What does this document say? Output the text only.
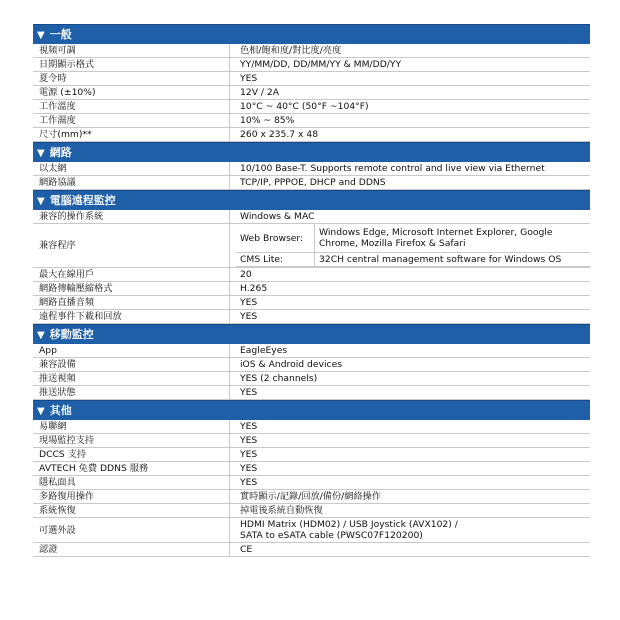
▼ 一般
視頻可調	色相/飽和度/對比度/亮度
日期顯示格式	YY/MM/DD, DD/MM/YY & MM/DD/YY
夏令時	YES
電源 (±10%)	12V / 2A
工作溫度	10°C ~ 40°C (50°F ~104°F)
工作濕度	10% ~ 85%
尺寸(mm)**	260 x 235.7 x 48
▼ 網路
以太網	10/100 Base-T. Supports remote control and live view via Ethernet
網路協議	TCP/IP, PPPOE, DHCP and DDNS
▼ 電腦遠程監控
兼容的操作系統	Windows & MAC
兼容程序	
Web Browser:	Windows Edge, Microsoft Internet Explorer, Google Chrome, Mozilla Firefox & Safari
CMS Lite:	32CH central management software for Windows OS

最大在線用戶	20
網路傳輸壓縮格式	H.265
網路直播音頻	YES
遠程事件下載和回放	YES
▼ 移動監控
App	EagleEyes
兼容設備	iOS & Android devices
推送視頻	YES (2 channels)
推送狀態	YES
▼ 其他
易聯網	YES
現場監控支持	YES
DCCS 支持	YES
AVTECH 免費 DDNS 服務	YES
隱私面具	YES
多路復用操作	實時顯示/記錄/回放/備份/網絡操作
系統恢復	掉電後系統自動恢復
可選外設	HDMI Matrix (HDM02) / USB Joystick (AVX102) /
SATA to eSATA cable (PWSC07F120200)

認證	CE
